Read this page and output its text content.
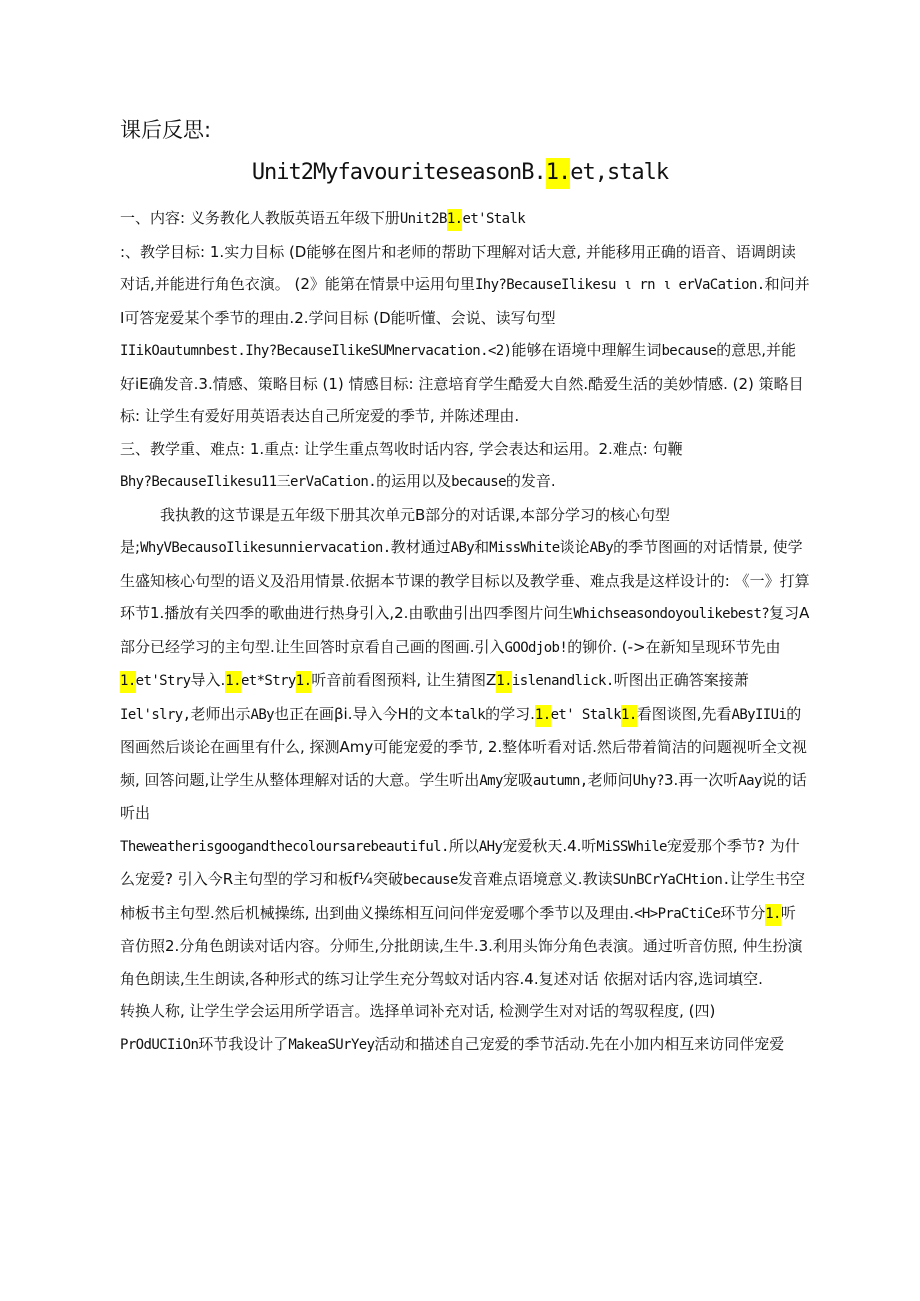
课后反思:
Unit2MyfavouriteseasonB.1.et‚stalk

一、内容: 义务教化人教版英语五年级下册Unit2B1.et'Stalk

:、教学目标: 1.实力目标 (D能够在图片和老师的帮助下理解对话大意, 并能移用正确的语音、语调朗读对话,并能进行角色衣演。 (2》能第在情景中运用句里Ihy?BecauseIlikesu ι rn ι erVaCation.和问并I可答宠爱某个季节的理由.2.学问目标 (D能听懂、会说、读写句型
IIikOautumnbest.Ihy?BecauseIlikeSUMnervacation.<2)能够在语境中理解生词because的意思,并能好iE确发音.3.情感、策略目标 (1) 情感目标: 注意培育学生酷爱大自然.酷爱生活的美妙情感. (2) 策略目标: 让学生有爱好用英语表达自己所宠爱的季节, 并陈述理由.

三、教学重、难点: 1.重点: 让学生重点驾收时话内容, 学会表达和运用。2.难点: 句鞭
Bhy?BecauseIlikesu11三erVaCation.的运用以及because的发音.

我执教的这节课是五年级下册其次单元B部分的对话课,本部分学习的核心句型是;WhyVBecausoIlikesunniervacation.教材通过ABy和MissWhite谈论ABy的季节图画的对话情景, 使学生盛知核心句型的语义及沿用情景.依据本节课的教学目标以及教学垂、难点我是这样设计的: 《一》打算环节1.播放有关四季的歌曲进行热身引入,2.由歌曲引出四季图片问生Whichseasondoyoulikebest?复习A部分已经学习的主句型.让生回答时京看自己画的图画.引入GOOdjob!的铆价. (->在新知呈现环节先由1.et'Stry导入.1.et*Stry1.听音前看图预料, 让生猜图Z1.islenandlick.听图出正确答案接萧Iel'slry,老师出示ABy也正在画βi.导入今H的文本talk的学习.1.et' Stalk1.看图谈图,先看AByIIUi的图画然后谈论在画里有什么, 探测Amy可能宠爱的季节, 2.整体听看对话.然后带着简洁的问题视听全文视频, 回答问题,让学生从整体理解对话的大意。学生听出Amy宠吸autumn,老师问Uhy?3.再一次听Aay说的话听出
Theweatherisgoogandthecoloursarebeautiful.所以AHy宠爱秋天.4.听MiSSWhile宠爱那个季节? 为什么宠爱? 引入今R主句型的学习和板f¼突破because发音难点语境意义.教读SUnBCrYaCHtion.让学生书空柿板书主句型.然后机械操练, 出到曲义操练相互问问伴宠爱哪个季节以及理由.<H>PraCtiCe环节分1.听音仿照2.分角色朗读对话内容。分师生,分批朗读,生牛.3.利用头饰分角色表演。通过听音仿照, 仲生扮演角色朗读,生生朗读,各种形式的练习让学生充分驾蚊对话内容.4.复述对话 依据对话内容,选词填空.

转换人称, 让学生学会运用所学语言。选择单词补充对话, 检测学生对对话的驾驭程度, (四)
PrOdUCIiOn环节我设计了MakeaSUrYey活动和描述自己宠爱的季节活动.先在小加内相互来访同伴宠爱
